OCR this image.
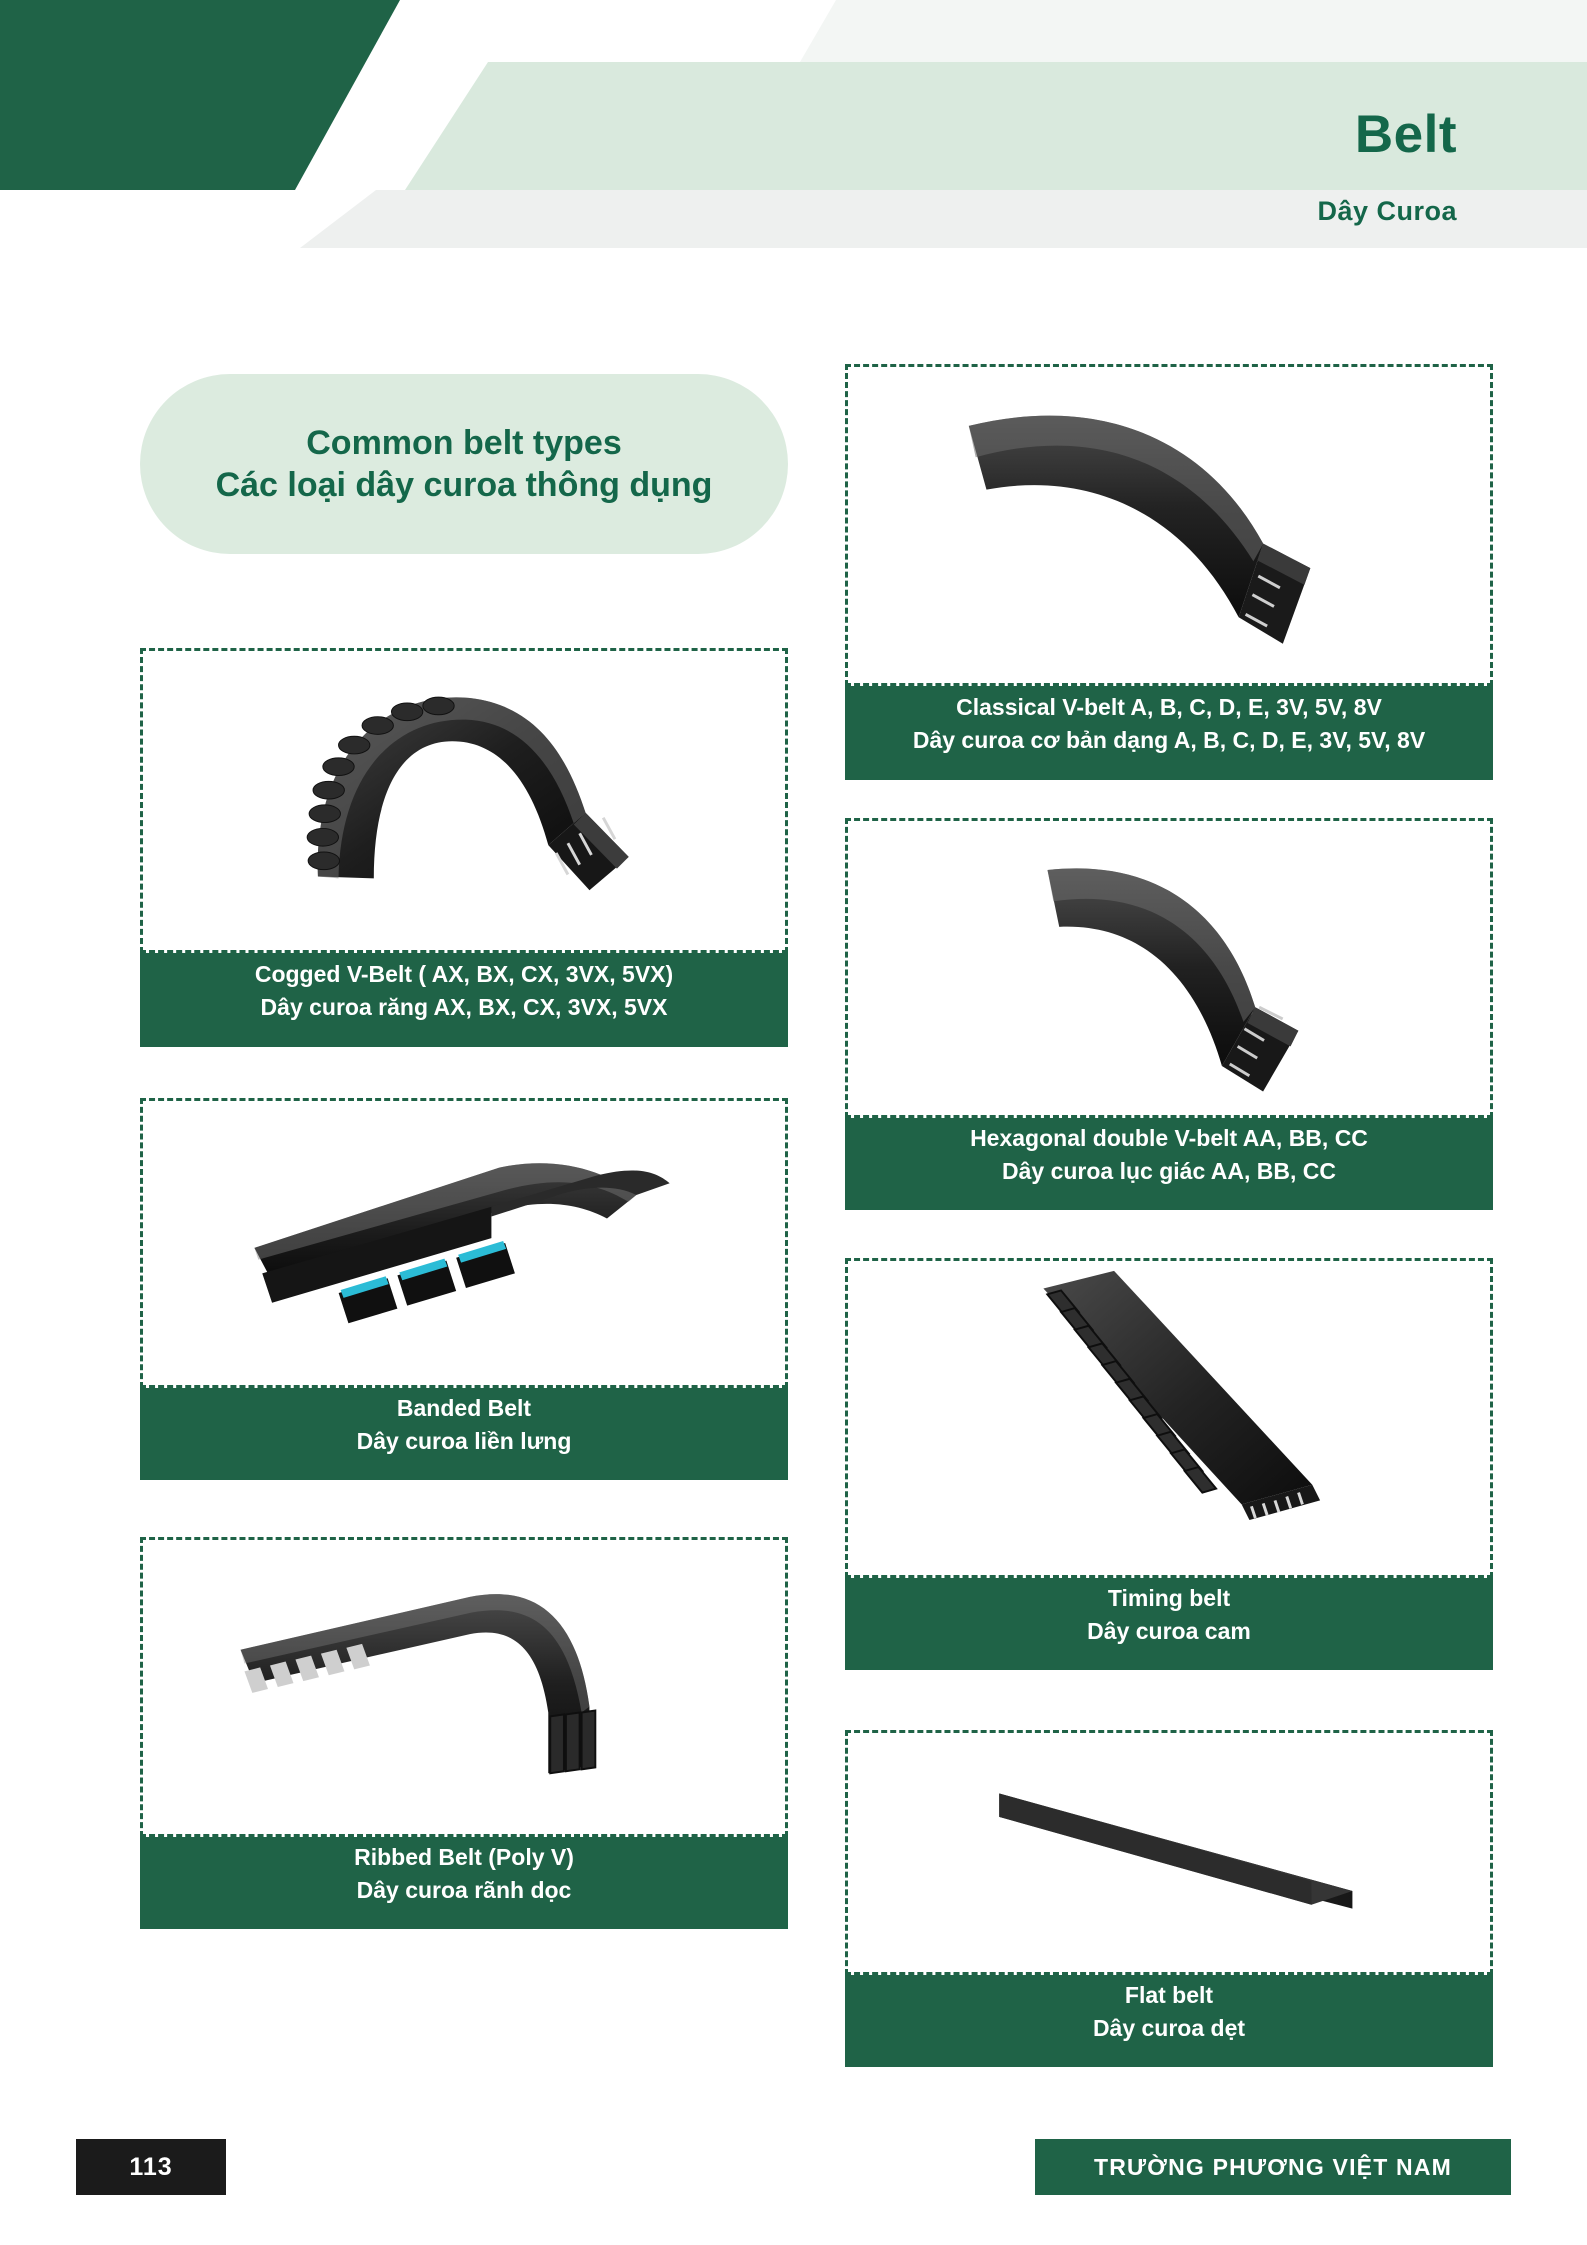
Belt
Dây Curoa
Common belt types
Các loại dây curoa thông dụng
Classical V-belt A, B, C, D, E, 3V, 5V, 8V
Dây curoa cơ bản dạng A, B, C, D, E, 3V, 5V, 8V
Cogged V-Belt ( AX, BX, CX, 3VX, 5VX)
Dây curoa răng AX, BX, CX, 3VX, 5VX
Hexagonal double V-belt AA, BB, CC
Dây curoa lục giác AA, BB, CC
Banded Belt
Dây curoa liền lưng
Timing belt
Dây curoa cam
Ribbed Belt (Poly V)
Dây curoa rãnh dọc
Flat belt
Dây curoa dẹt
113	TRƯỜNG PHƯƠNG VIỆT NAM
